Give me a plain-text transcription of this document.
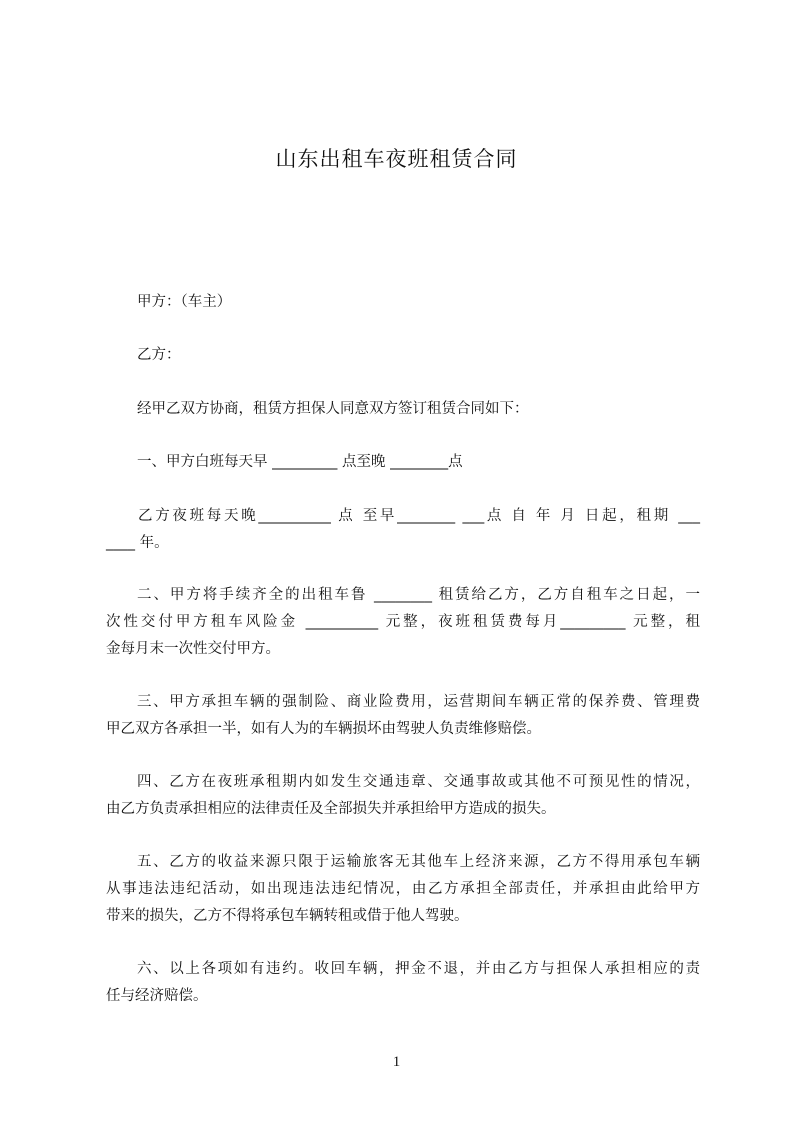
山东出租车夜班租赁合同
甲方：（车主）
乙方：
经甲乙双方协商，租赁方担保人同意双方签订租赁合同如下：
一、甲方白班每天早 _________ 点至晚 ________点
乙方夜班每天晚__________ 点 至早________ ___点 自 年 月 日起，租期 ___
____ 年。
二、甲方将手续齐全的出租车鲁 ________ 租赁给乙方，乙方自租车之日起，一
次性交付甲方租车风险金 __________ 元整，夜班租赁费每月_________ 元整，租
金每月末一次性交付甲方。
三、甲方承担车辆的强制险、商业险费用，运营期间车辆正常的保养费、管理费
甲乙双方各承担一半，如有人为的车辆损坏由驾驶人负责维修赔偿。
四、乙方在夜班承租期内如发生交通违章、交通事故或其他不可预见性的情况，
由乙方负责承担相应的法律责任及全部损失并承担给甲方造成的损失。
五、乙方的收益来源只限于运输旅客无其他车上经济来源，乙方不得用承包车辆
从事违法违纪活动，如出现违法违纪情况，由乙方承担全部责任，并承担由此给甲方
带来的损失，乙方不得将承包车辆转租或借于他人驾驶。
六、以上各项如有违约。收回车辆，押金不退，并由乙方与担保人承担相应的责
任与经济赔偿。
1
